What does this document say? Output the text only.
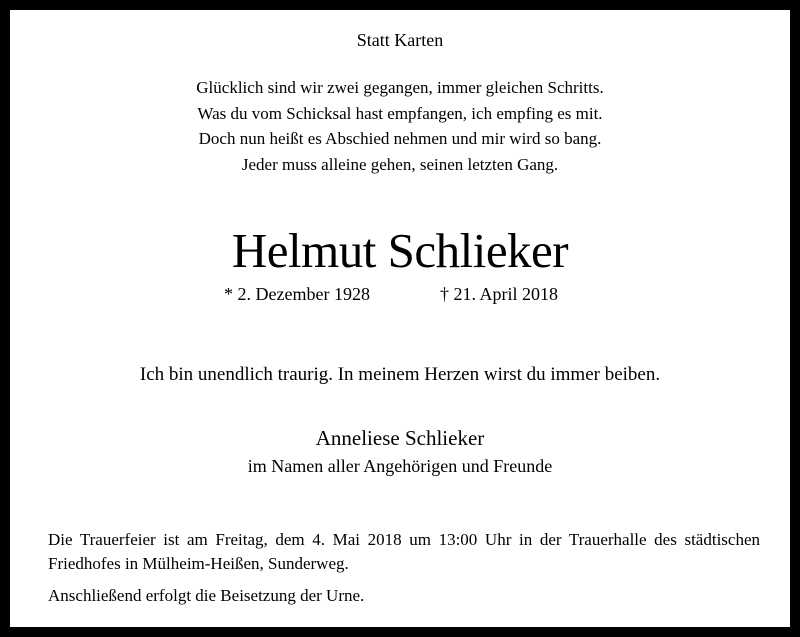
Statt Karten
Glücklich sind wir zwei gegangen, immer gleichen Schritts.
Was du vom Schicksal hast empfangen, ich empfing es mit.
Doch nun heißt es Abschied nehmen und mir wird so bang.
Jeder muss alleine gehen, seinen letzten Gang.
Helmut Schlieker
* 2. Dezember 1928	† 21. April 2018
Ich bin unendlich traurig. In meinem Herzen wirst du immer beiben.
Anneliese Schlieker
im Namen aller Angehörigen und Freunde
Die Trauerfeier ist am Freitag, dem 4. Mai 2018 um 13:00 Uhr in der Trauerhalle des städtischen Friedhofes in Mülheim-Heißen, Sunderweg.
Anschließend erfolgt die Beisetzung der Urne.
